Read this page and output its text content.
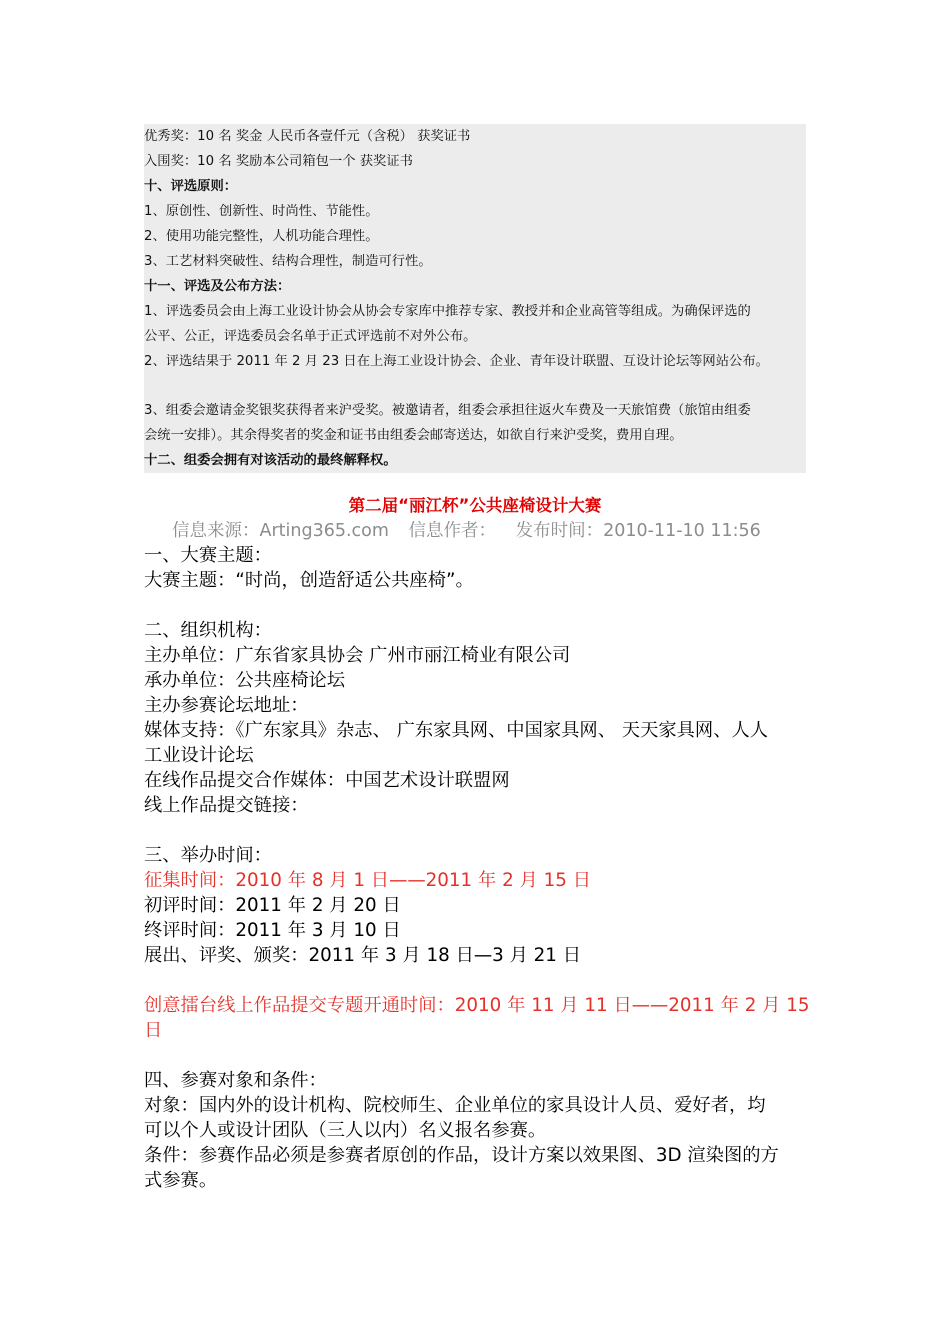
优秀奖：10 名 奖金 人民币各壹仟元（含税） 获奖证书
入围奖：10 名 奖励本公司箱包一个 获奖证书
十、评选原则：
1、原创性、创新性、时尚性、节能性。
2、使用功能完整性，人机功能合理性。
3、工艺材料突破性、结构合理性，制造可行性。
十一、评选及公布方法：
1、评选委员会由上海工业设计协会从协会专家库中推荐专家、教授并和企业高管等组成。为确保评选的
公平、公正，评选委员会名单于正式评选前不对外公布。
2、评选结果于 2011 年 2 月 23 日在上海工业设计协会、企业、青年设计联盟、互设计论坛等网站公布。
3、组委会邀请金奖银奖获得者来沪受奖。被邀请者，组委会承担往返火车费及一天旅馆费（旅馆由组委
会统一安排）。其余得奖者的奖金和证书由组委会邮寄送达，如欲自行来沪受奖，费用自理。
十二、组委会拥有对该活动的最终解释权。
第二届“丽江杯”公共座椅设计大赛
信息来源：Arting365.com 信息作者： 发布时间：2010-11-10 11:56
一、大赛主题：
大赛主题：“时尚，创造舒适公共座椅”。
二、组织机构：
主办单位：广东省家具协会 广州市丽江椅业有限公司
承办单位：公共座椅论坛
主办参赛论坛地址：
媒体支持：《广东家具》杂志、 广东家具网、中国家具网、 天天家具网、人人
工业设计论坛
在线作品提交合作媒体：中国艺术设计联盟网
线上作品提交链接：
三、举办时间：
征集时间：2010 年 8 月 1 日——2011 年 2 月 15 日
初评时间：2011 年 2 月 20 日
终评时间：2011 年 3 月 10 日
展出、评奖、颁奖：2011 年 3 月 18 日—3 月 21 日
创意擂台线上作品提交专题开通时间：2010 年 11 月 11 日——2011 年 2 月 15
日
四、参赛对象和条件：
对象：国内外的设计机构、院校师生、企业单位的家具设计人员、爱好者，均
可以个人或设计团队（三人以内）名义报名参赛。
条件：参赛作品必须是参赛者原创的作品，设计方案以效果图、3D 渲染图的方
式参赛。
